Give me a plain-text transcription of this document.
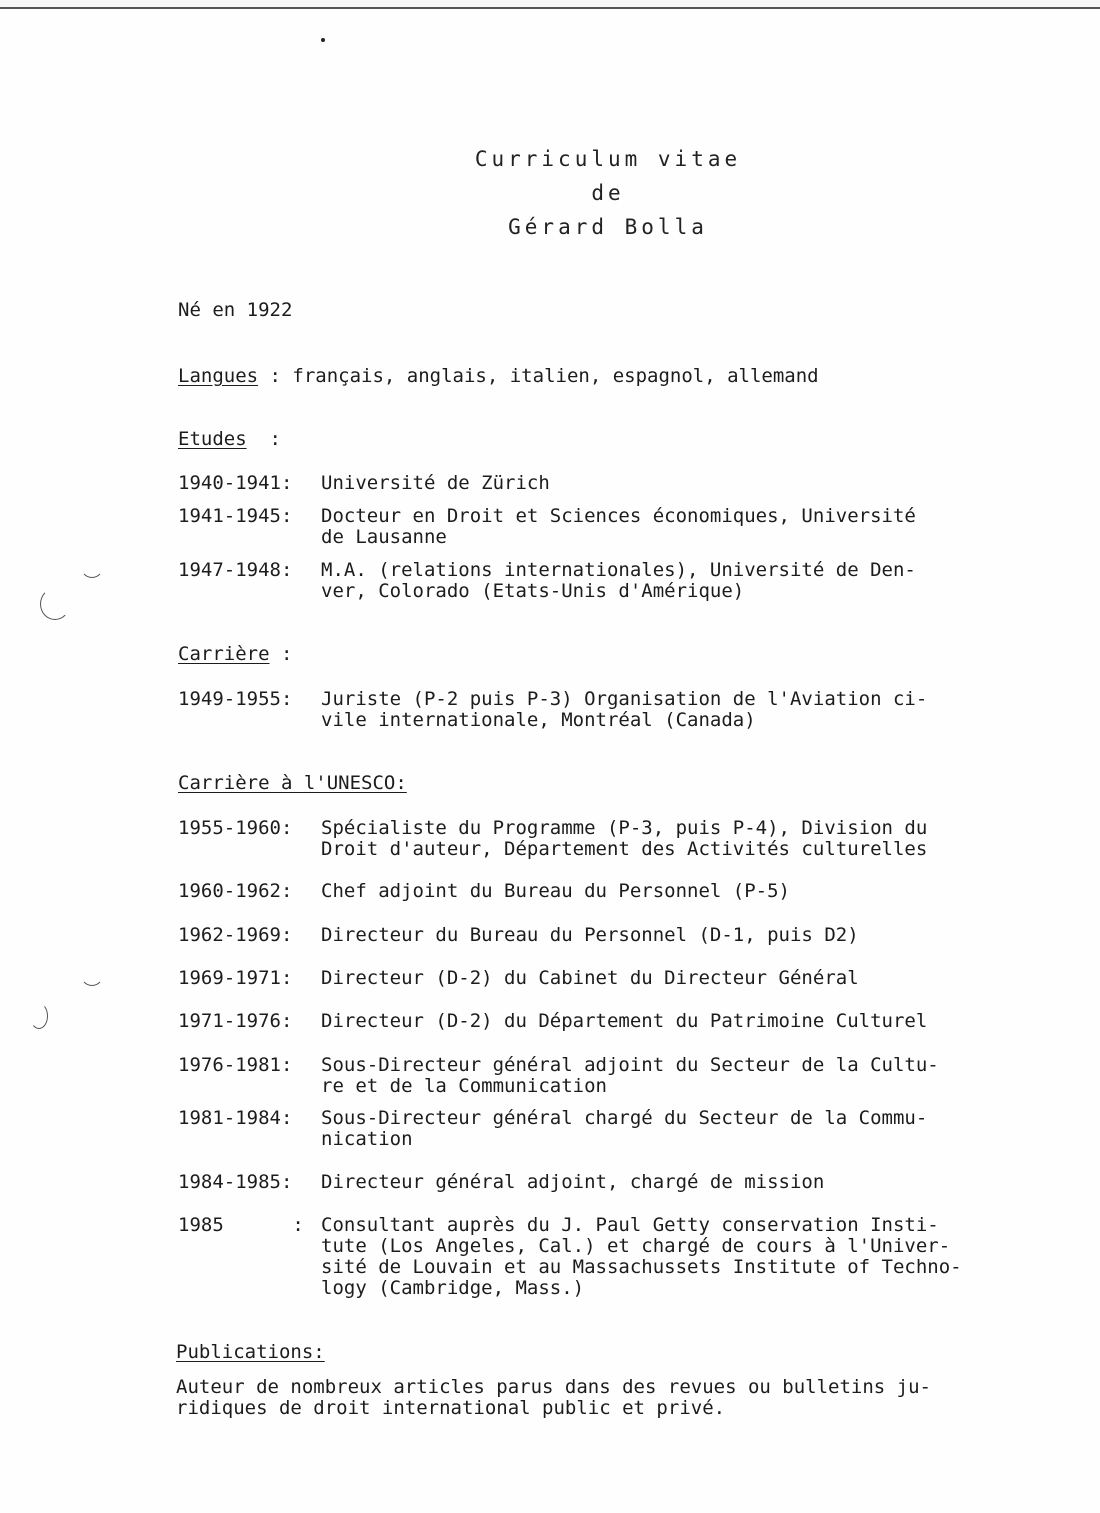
Curriculum vitae
de
Gérard Bolla
Né en 1922
Langues : français, anglais, italien, espagnol, allemand
Etudes  :
1940-1941: Université de Zürich
1941-1945: Docteur en Droit et Sciences économiques, Université
de Lausanne
1947-1948: M.A. (relations internationales), Université de Den-
ver, Colorado (Etats-Unis d'Amérique)
Carrière :
1949-1955: Juriste (P-2 puis P-3) Organisation de l'Aviation ci-
vile internationale, Montréal (Canada)
Carrière à l'UNESCO:
1955-1960: Spécialiste du Programme (P-3, puis P-4), Division du
Droit d'auteur, Département des Activités culturelles
1960-1962: Chef adjoint du Bureau du Personnel (P-5)
1962-1969: Directeur du Bureau du Personnel (D-1, puis D2)
1969-1971: Directeur (D-2) du Cabinet du Directeur Général
1971-1976: Directeur (D-2) du Département du Patrimoine Culturel
1976-1981: Sous-Directeur général adjoint du Secteur de la Cultu-
re et de la Communication
1981-1984: Sous-Directeur général chargé du Secteur de la Commu-
nication
1984-1985: Directeur général adjoint, chargé de mission
1985      : Consultant auprès du J. Paul Getty conservation Insti-
tute (Los Angeles, Cal.) et chargé de cours à l'Univer-
sité de Louvain et au Massachussets Institute of Techno-
logy (Cambridge, Mass.)
Publications:
Auteur de nombreux articles parus dans des revues ou bulletins ju-
ridiques de droit international public et privé.
